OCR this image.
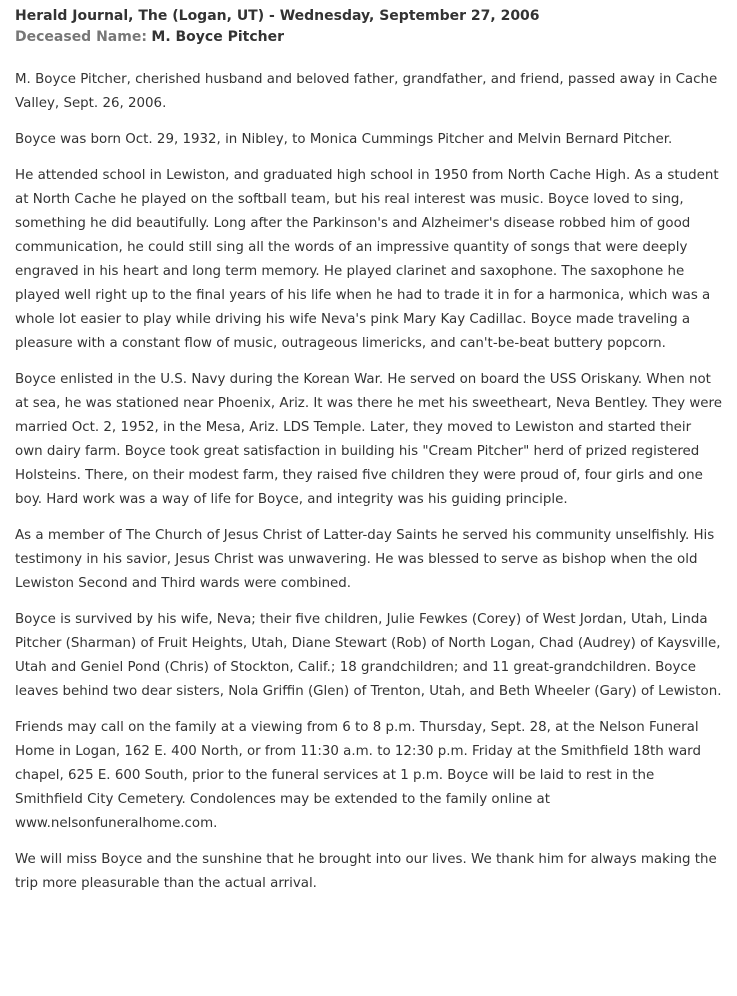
Herald Journal, The (Logan, UT) - Wednesday, September 27, 2006
Deceased Name: M. Boyce Pitcher

M. Boyce Pitcher, cherished husband and beloved father, grandfather, and friend, passed away in Cache Valley, Sept. 26, 2006.

Boyce was born Oct. 29, 1932, in Nibley, to Monica Cummings Pitcher and Melvin Bernard Pitcher.

He attended school in Lewiston, and graduated high school in 1950 from North Cache High. As a student at North Cache he played on the softball team, but his real interest was music. Boyce loved to sing, something he did beautifully. Long after the Parkinson's and Alzheimer's disease robbed him of good communication, he could still sing all the words of an impressive quantity of songs that were deeply engraved in his heart and long term memory. He played clarinet and saxophone. The saxophone he played well right up to the final years of his life when he had to trade it in for a harmonica, which was a whole lot easier to play while driving his wife Neva's pink Mary Kay Cadillac. Boyce made traveling a pleasure with a constant flow of music, outrageous limericks, and can't-be-beat buttery popcorn.

Boyce enlisted in the U.S. Navy during the Korean War. He served on board the USS Oriskany. When not at sea, he was stationed near Phoenix, Ariz. It was there he met his sweetheart, Neva Bentley. They were married Oct. 2, 1952, in the Mesa, Ariz. LDS Temple. Later, they moved to Lewiston and started their own dairy farm. Boyce took great satisfaction in building his "Cream Pitcher" herd of prized registered Holsteins. There, on their modest farm, they raised five children they were proud of, four girls and one boy. Hard work was a way of life for Boyce, and integrity was his guiding principle.

As a member of The Church of Jesus Christ of Latter-day Saints he served his community unselfishly. His testimony in his savior, Jesus Christ was unwavering. He was blessed to serve as bishop when the old Lewiston Second and Third wards were combined.

Boyce is survived by his wife, Neva; their five children, Julie Fewkes (Corey) of West Jordan, Utah, Linda Pitcher (Sharman) of Fruit Heights, Utah, Diane Stewart (Rob) of North Logan, Chad (Audrey) of Kaysville, Utah and Geniel Pond (Chris) of Stockton, Calif.; 18 grandchildren; and 11 great-grandchildren. Boyce leaves behind two dear sisters, Nola Griffin (Glen) of Trenton, Utah, and Beth Wheeler (Gary) of Lewiston.

Friends may call on the family at a viewing from 6 to 8 p.m. Thursday, Sept. 28, at the Nelson Funeral Home in Logan, 162 E. 400 North, or from 11:30 a.m. to 12:30 p.m. Friday at the Smithfield 18th ward chapel, 625 E. 600 South, prior to the funeral services at 1 p.m. Boyce will be laid to rest in the Smithfield City Cemetery. Condolences may be extended to the family online at www.nelsonfuneralhome.com.

We will miss Boyce and the sunshine that he brought into our lives. We thank him for always making the trip more pleasurable than the actual arrival.
